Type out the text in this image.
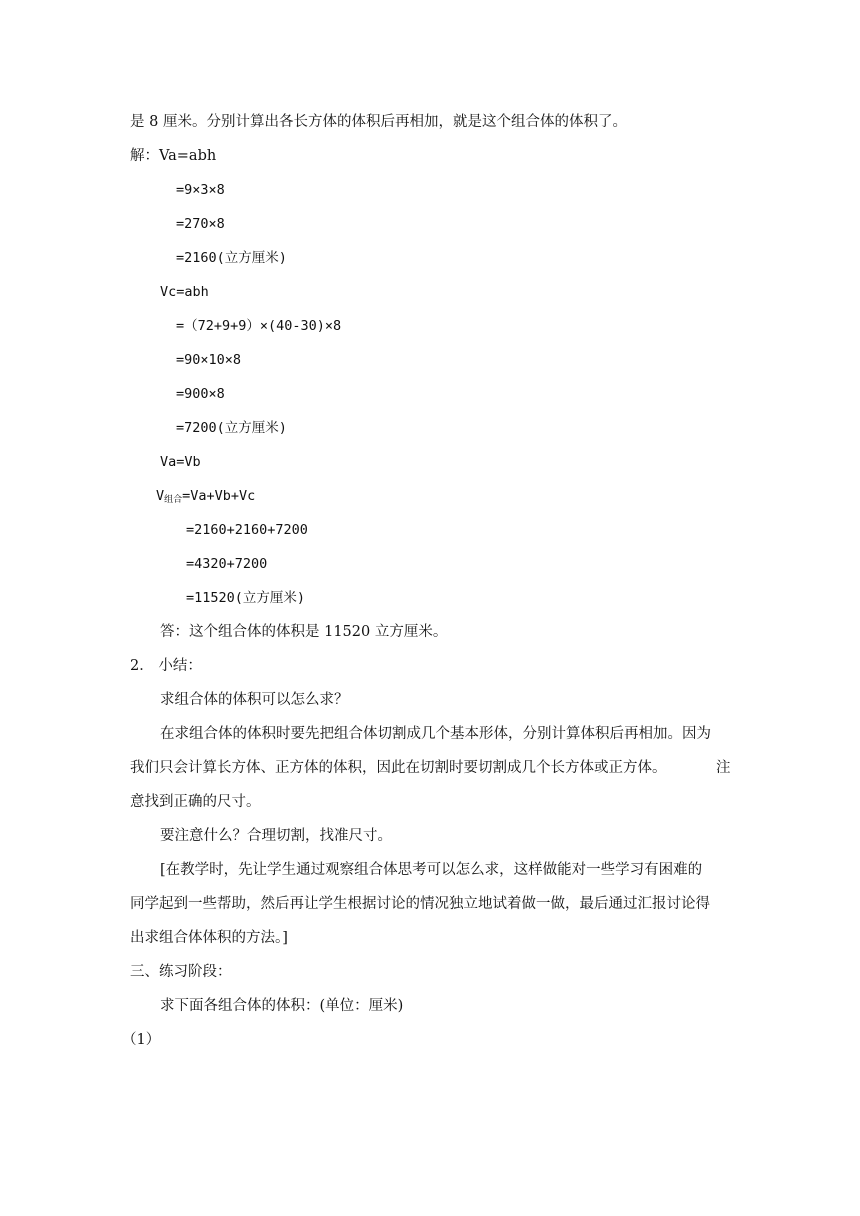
是 8 厘米。分别计算出各长方体的体积后再相加，就是这个组合体的体积了。
解：Va=abh
=9×3×8
=270×8
=2160(立方厘米)
Vc=abh
=（72+9+9）×(40-30)×8
=90×10×8
=900×8
=7200(立方厘米)
Va=Vb
$V_{组合}=Va+Vb+Vc$
=2160+2160+7200
=4320+7200
=11520(立方厘米)
答：这个组合体的体积是 11520 立方厘米。
2． 小结：
求组合体的体积可以怎么求？
在求组合体的体积时要先把组合体切割成几个基本形体，分别计算体积后再相加。因为
我们只会计算长方体、正方体的体积，因此在切割时要切割成几个长方体或正方体。	注
意找到正确的尺寸。
要注意什么？合理切割，找准尺寸。
[在教学时，先让学生通过观察组合体思考可以怎么求，这样做能对一些学习有困难的
同学起到一些帮助，然后再让学生根据讨论的情况独立地试着做一做，最后通过汇报讨论得
出求组合体体积的方法。]
三、练习阶段：
求下面各组合体的体积：(单位：厘米)
（1）
